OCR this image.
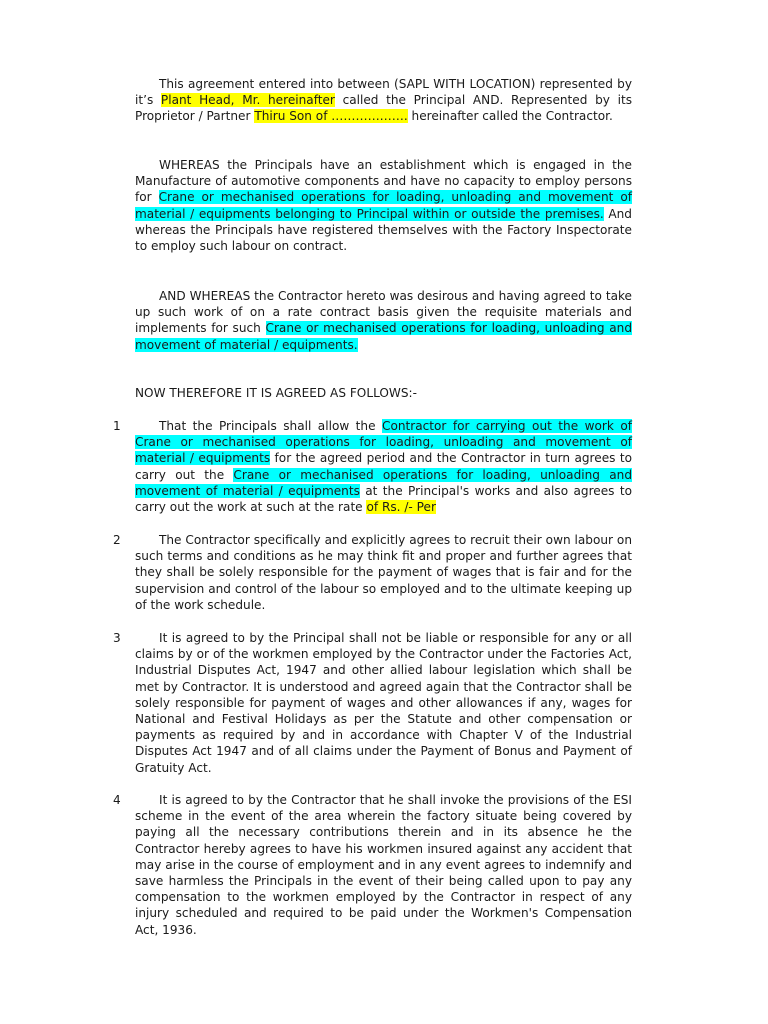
This agreement entered into between (SAPL WITH LOCATION) represented by it’s Plant Head, Mr. hereinafter called the Principal AND. Represented by its Proprietor / Partner Thiru Son of ………………. hereinafter called the Contractor.

WHEREAS the Principals have an establishment which is engaged in the Manufacture of automotive components and have no capacity to employ persons for Crane or mechanised operations for loading, unloading and movement of material / equipments belonging to Principal within or outside the premises. And whereas the Principals have registered themselves with the Factory Inspectorate to employ such labour on contract.

AND WHEREAS the Contractor hereto was desirous and having agreed to take up such work of on a rate contract basis given the requisite materials and implements for such Crane or mechanised operations for loading, unloading and movement of material / equipments.

NOW THEREFORE IT IS AGREED AS FOLLOWS:-

1	That the Principals shall allow the Contractor for carrying out the work of Crane or mechanised operations for loading, unloading and movement of material / equipments for the agreed period and the Contractor in turn agrees to carry out the Crane or mechanised operations for loading, unloading and movement of material / equipments at the Principal's works and also agrees to carry out the work at such at the rate of Rs. /- Per

2	The Contractor specifically and explicitly agrees to recruit their own labour on such terms and conditions as he may think fit and proper and further agrees that they shall be solely responsible for the payment of wages that is fair and for the supervision and control of the labour so employed and to the ultimate keeping up of the work schedule.

3	It is agreed to by the Principal shall not be liable or responsible for any or all claims by or of the workmen employed by the Contractor under the Factories Act, Industrial Disputes Act, 1947 and other allied labour legislation which shall be met by Contractor. It is understood and agreed again that the Contractor shall be solely responsible for payment of wages and other allowances if any, wages for National and Festival Holidays as per the Statute and other compensation or payments as required by and in accordance with Chapter V of the Industrial Disputes Act 1947 and of all claims under the Payment of Bonus and Payment of Gratuity Act.

4	It is agreed to by the Contractor that he shall invoke the provisions of the ESI scheme in the event of the area wherein the factory situate being covered by paying all the necessary contributions therein and in its absence he the Contractor hereby agrees to have his workmen insured against any accident that may arise in the course of employment and in any event agrees to indemnify and save harmless the Principals in the event of their being called upon to pay any compensation to the workmen employed by the Contractor in respect of any injury scheduled and required to be paid under the Workmen's Compensation Act, 1936.
